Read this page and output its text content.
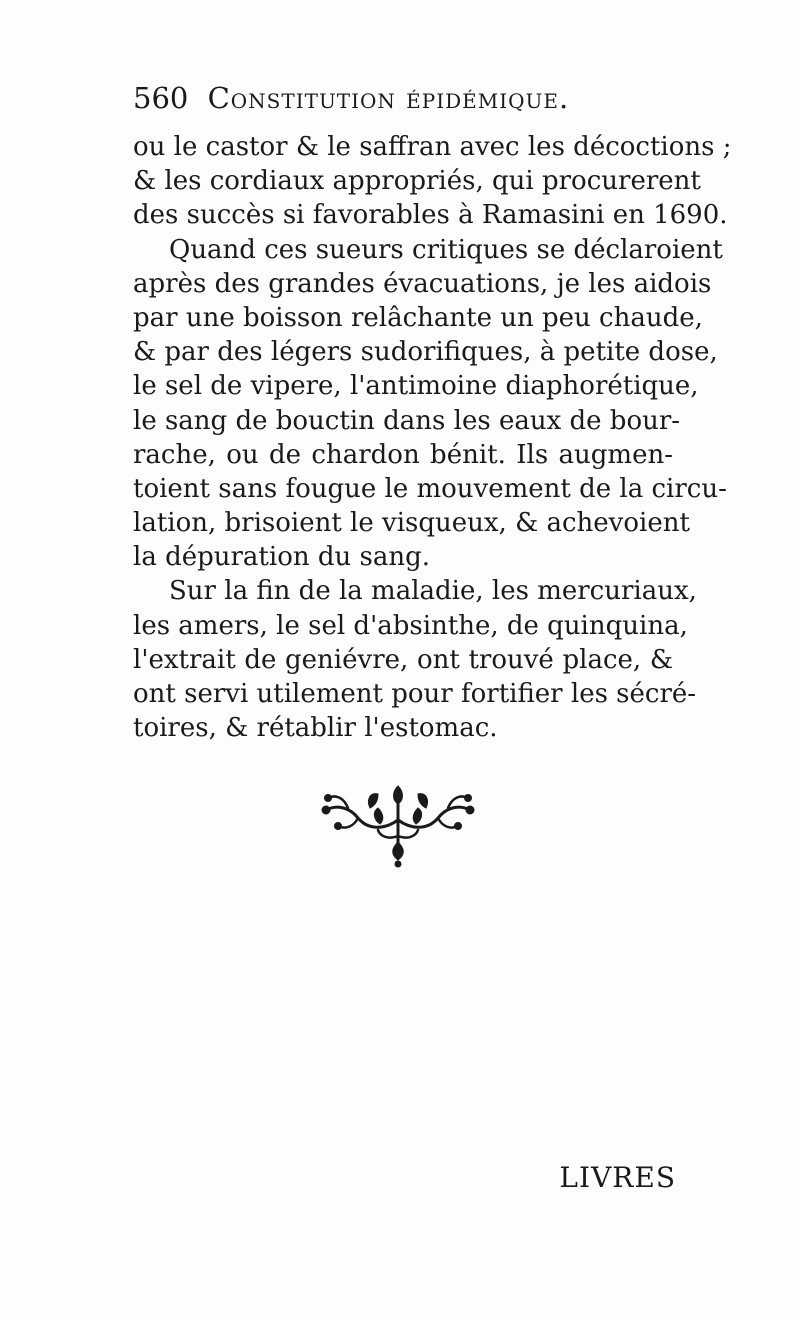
560 Constitution épidémique.
ou le castor & le saffran avec les décoctions ;
& les cordiaux appropriés, qui procurerent
des succès si favorables à Ramasini en 1690.
Quand ces sueurs critiques se déclaroient
après des grandes évacuations, je les aidois
par une boisson relâchante un peu chaude,
& par des légers sudorifiques, à petite dose,
le sel de vipere, l'antimoine diaphorétique,
le sang de bouctin dans les eaux de bour-
rache, ou de chardon bénit. Ils augmen-
toient sans fougue le mouvement de la circu-
lation, brisoient le visqueux, & achevoient
la dépuration du sang.
Sur la fin de la maladie, les mercuriaux,
les amers, le sel d'absinthe, de quinquina,
l'extrait de geniévre, ont trouvé place, &
ont servi utilement pour fortifier les sécré-
toires, & rétablir l'estomac.
LIVRES
